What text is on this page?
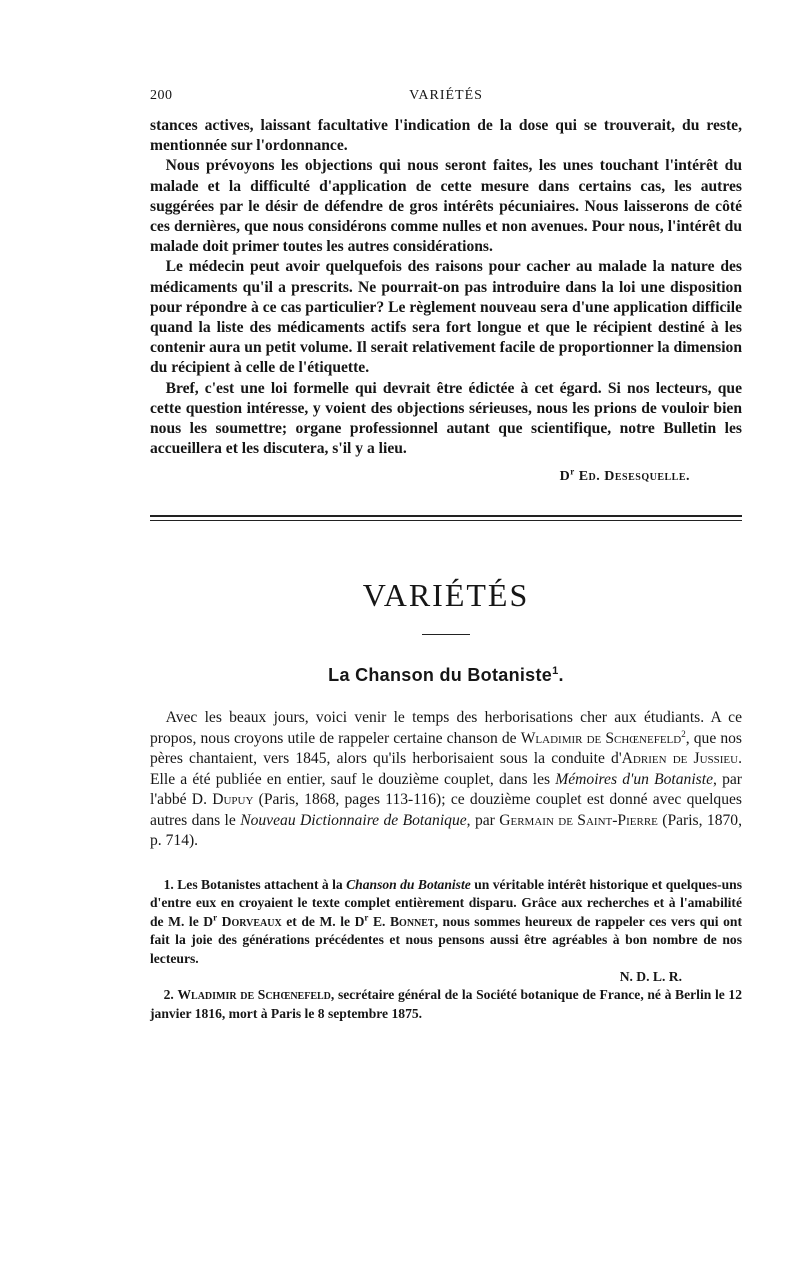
200	VARIÉTÉS

stances actives, laissant facultative l'indication de la dose qui se trouverait, du reste, mentionnée sur l'ordonnance.

Nous prévoyons les objections qui nous seront faites, les unes touchant l'intérêt du malade et la difficulté d'application de cette mesure dans certains cas, les autres suggérées par le désir de défendre de gros intérêts pécuniaires. Nous laisserons de côté ces dernières, que nous considérons comme nulles et non avenues. Pour nous, l'intérêt du malade doit primer toutes les autres considérations.

Le médecin peut avoir quelquefois des raisons pour cacher au malade la nature des médicaments qu'il a prescrits. Ne pourrait-on pas introduire dans la loi une disposition pour répondre à ce cas particulier? Le règlement nouveau sera d'une application difficile quand la liste des médicaments actifs sera fort longue et que le récipient destiné à les contenir aura un petit volume. Il serait relativement facile de proportionner la dimension du récipient à celle de l'étiquette.

Bref, c'est une loi formelle qui devrait être édictée à cet égard. Si nos lecteurs, que cette question intéresse, y voient des objections sérieuses, nous les prions de vouloir bien nous les soumettre; organe professionnel autant que scientifique, notre Bulletin les accueillera et les discutera, s'il y a lieu.

$D^r$ Ed. Desesquelle.
VARIÉTÉS
La Chanson du Botaniste$^1$.

Avec les beaux jours, voici venir le temps des herborisations cher aux étudiants. A ce propos, nous croyons utile de rappeler certaine chanson de Wladimir de Schœnefeld$^2$, que nos pères chantaient, vers 1845, alors qu'ils herborisaient sous la conduite d'Adrien de Jussieu. Elle a été publiée en entier, sauf le douzième couplet, dans les Mémoires d'un Botaniste, par l'abbé D. Dupuy (Paris, 1868, pages 113-116); ce douzième couplet est donné avec quelques autres dans le Nouveau Dictionnaire de Botanique, par Germain de Saint-Pierre (Paris, 1870, p. 714).

1. Les Botanistes attachent à la Chanson du Botaniste un véritable intérêt historique et quelques-uns d'entre eux en croyaient le texte complet entièrement disparu. Grâce aux recherches et à l'amabilité de M. le $D^r$ Dorveaux et de M. le $D^r$ E. Bonnet, nous sommes heureux de rappeler ces vers qui ont fait la joie des générations précédentes et nous pensons aussi être agréables à bon nombre de nos lecteurs.

N. D. L. R.

2. Wladimir de Schœnefeld, secrétaire général de la Société botanique de France, né à Berlin le 12 janvier 1816, mort à Paris le 8 septembre 1875.
